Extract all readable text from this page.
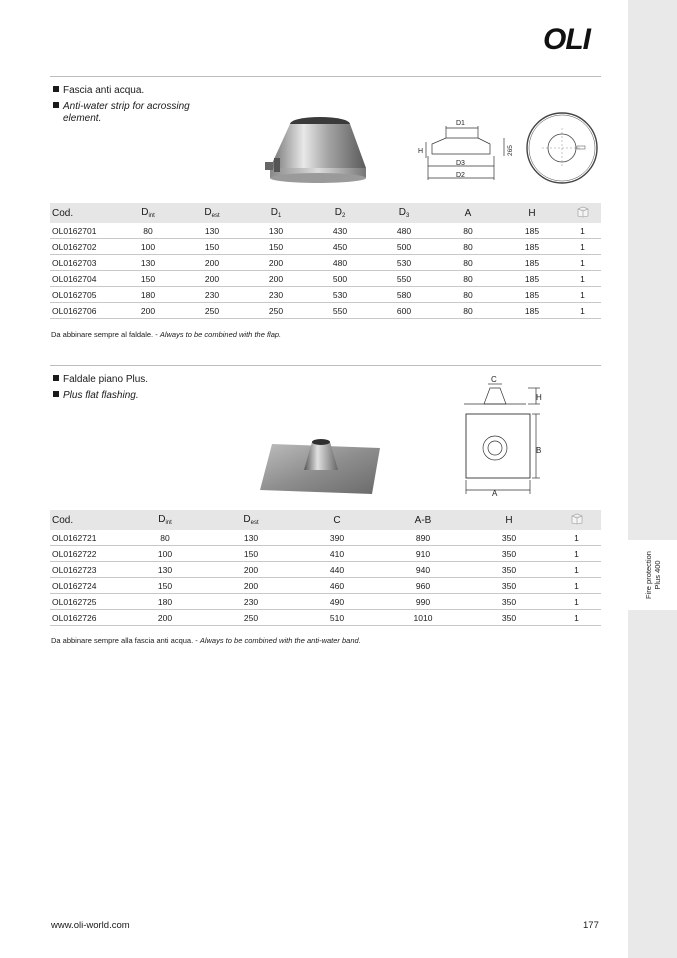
Fire protection
Plus 400
OLI
Fascia anti acqua.
Anti-water strip for acrossing
element.	D1
H
D3
D2
265
Cod.	$D_{int}$	$D_{est}$	$D_1$	$D_2$	$D_3$	A	H	
OL0162701	80	130	130	430	480	80	185	1
OL0162702	100	150	150	450	500	80	185	1
OL0162703	130	200	200	480	530	80	185	1
OL0162704	150	200	200	500	550	80	185	1
OL0162705	180	230	230	530	580	80	185	1
OL0162706	200	250	250	550	600	80	185	1
Da abbinare sempre al faldale. - Always to be combined with the flap.
Faldale piano Plus.
Plus flat flashing.
C
H
B
A
Cod.	$D_{int}$	$D_{est}$	C	A-B	H	
OL0162721	80	130	390	890	350	1
OL0162722	100	150	410	910	350	1
OL0162723	130	200	440	940	350	1
OL0162724	150	200	460	960	350	1
OL0162725	180	230	490	990	350	1
OL0162726	200	250	510	1010	350	1
Da abbinare sempre alla fascia anti acqua. - Always to be combined with the anti-water band.
www.oli-world.com	177
